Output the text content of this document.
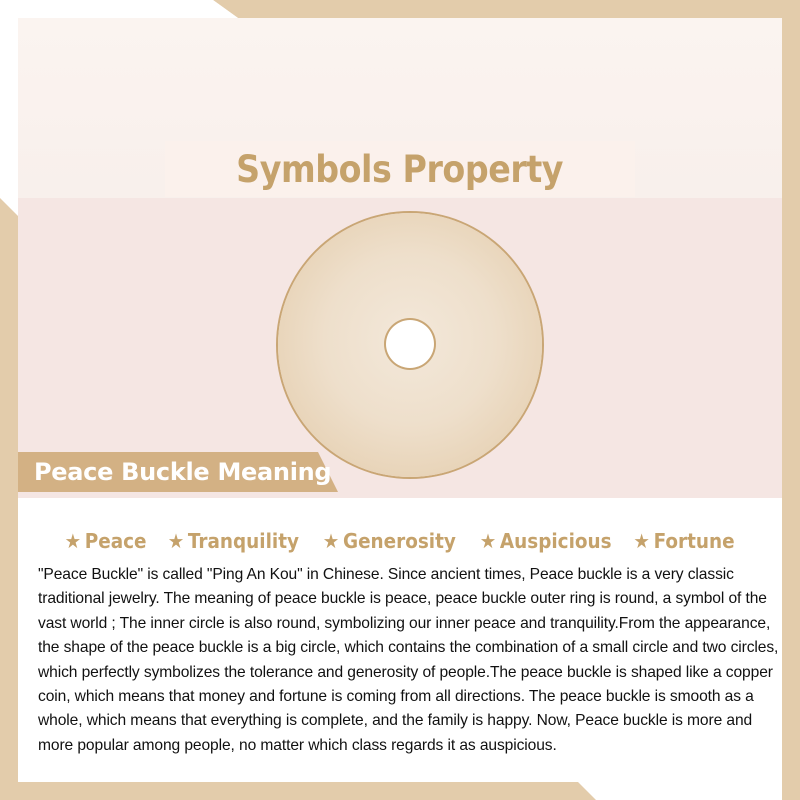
Symbols Property
Peace Buckle Meaning
★ Peace ★ Tranquility ★ Generosity ★ Auspicious ★ Fortune
"Peace Buckle" is called "Ping An Kou" in Chinese. Since ancient times, Peace buckle is a very classic traditional jewelry. The meaning of peace buckle is peace, peace buckle outer ring is round, a symbol of the vast world ; The inner circle is also round, symbolizing our inner peace and tranquility.From the appearance, the shape of the peace buckle is a big circle, which contains the combination of a small circle and two circles, which perfectly symbolizes the tolerance and generosity of people.The peace buckle is shaped like a copper coin, which means that money and fortune is coming from all directions. The peace buckle is smooth as a whole, which means that everything is complete, and the family is happy. Now, Peace buckle is more and more popular among people, no matter which class regards it as auspicious.
